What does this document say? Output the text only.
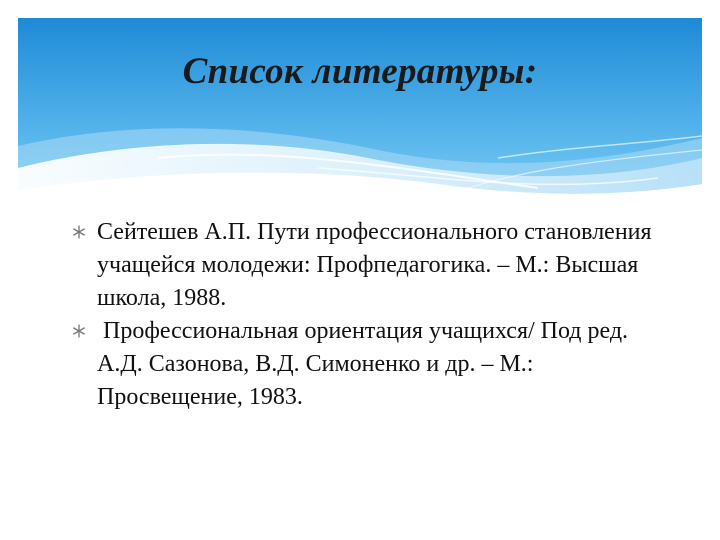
Список литературы:
Сейтешев А.П. Пути профессионального становления учащейся молодежи: Профпедагогика. – М.: Высшая школа, 1988.
Профессиональная ориентация учащихся/ Под ред. А.Д. Сазонова, В.Д. Симоненко и др. – М.: Просвещение, 1983.
